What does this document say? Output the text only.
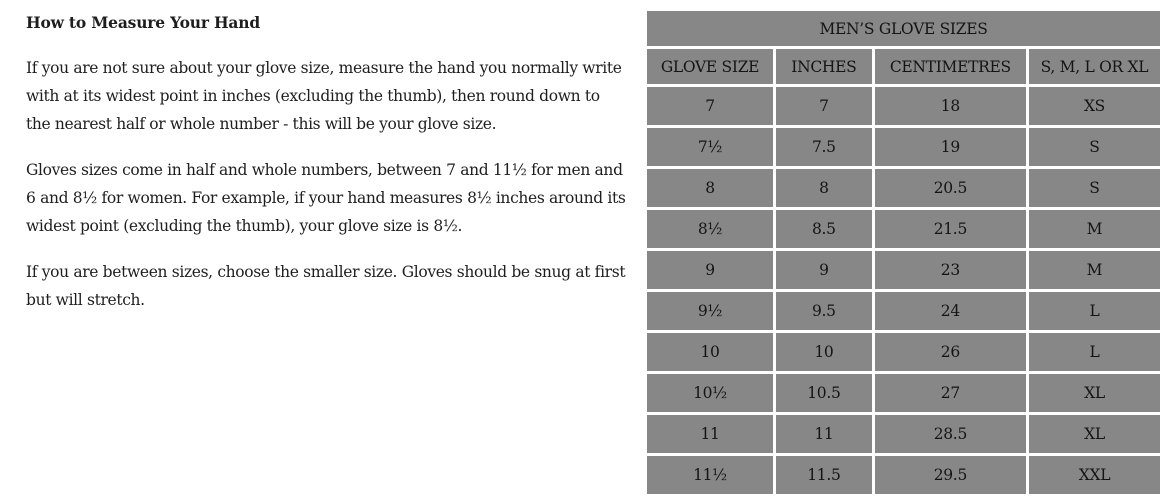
How to Measure Your Hand

If you are not sure about your glove size, measure the hand you normally write with at its widest point in inches (excluding the thumb), then round down to the nearest half or whole number - this will be your glove size.

Gloves sizes come in half and whole numbers, between 7 and 11½ for men and 6 and 8½ for women. For example, if your hand measures 8½ inches around its widest point (excluding the thumb), your glove size is 8½.

If you are between sizes, choose the smaller size. Gloves should be snug at first but will stretch.

MEN’S GLOVE SIZES			
GLOVE SIZE	INCHES	CENTIMETRES	S, M, L OR XL
7	7	18	XS
7½	7.5	19	S
8	8	20.5	S
8½	8.5	21.5	M
9	9	23	M
9½	9.5	24	L
10	10	26	L
10½	10.5	27	XL
11	11	28.5	XL
11½	11.5	29.5	XXL
